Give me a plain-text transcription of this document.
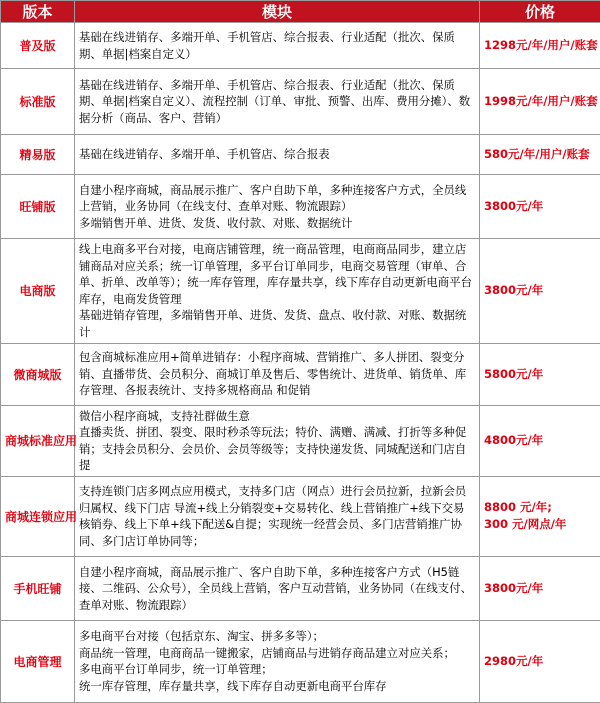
版本	模块	价格
普及版	基础在线进销存、多端开单、手机管店、综合报表、行业适配（批次、保质期、单据|档案自定义）	1298元/年/用户/账套

标准版	基础在线进销存、多端开单、手机管店、综合报表、行业适配（批次、保质期、单据|档案自定义）、流程控制（订单、审批、预警、出库、费用分摊）、数据分析（商品、客户、营销）	1998元/年/用户/账套

精易版	基础在线进销存、多端开单、手机管店、综合报表	580元/年/用户/账套

旺铺版	自建小程序商城，商品展示推广、客户自助下单，多种连接客户方式，全员线上营销，业务协同（在线支付、查单对账、物流跟踪）
多端销售开单、进货、发货、收付款、对账、数据统计	3800元/年

电商版	线上电商多平台对接，电商店铺管理，统一商品管理，电商商品同步，建立店铺商品对应关系；统一订单管理，多平台订单同步，电商交易管理（审单、合单、折单、改单等）；统一库存管理，库存量共享，线下库存自动更新电商平台库存，电商发货管理
基础进销存管理，多端销售开单、进货、发货、盘点、收付款、对账、数据统计	3800元/年

微商城版	包含商城标准应用+简单进销存：小程序商城、营销推广、多人拼团、裂变分销、直播带货、会员积分、商城订单及售后、零售统计、进货单、销货单、库存管理、各报表统计、支持多规格商品 和促销	5800元/年

商城标准应用	微信小程序商城，支持社群做生意
直播卖货、拼团、裂变、限时秒杀等玩法；特价、满赠、满减、打折等多种促销；支持会员积分、会员价、会员等级等；支持快递发货、同城配送和门店自提	4800元/年

商城连锁应用	支持连锁门店多网点应用模式，支持多门店（网点）进行会员拉新，拉新会员归属权、线下门店 导流+线上分销裂变+交易转化、线上营销推广+线下交易核销券、线上下单+线下配送&自提；实现统一经营会员、多门店营销推广协同、多门店订单协同等；	8800 元/年;
300 元/网点/年

手机旺铺	自建小程序商城，商品展示推广、客户自助下单，多种连接客户方式（H5链接、二维码、公众号），全员线上营销，客户互动营销，业务协同（在线支付、查单对账、物流跟踪）	3800元/年

电商管理	多电商平台对接（包括京东、淘宝、拼多多等）；
商品统一管理，电商商品一键搬家，店铺商品与进销存商品建立对应关系；
多电商平台订单同步，统一订单管理；
统一库存管理，库存量共享，线下库存自动更新电商平台库存	2980元/年
